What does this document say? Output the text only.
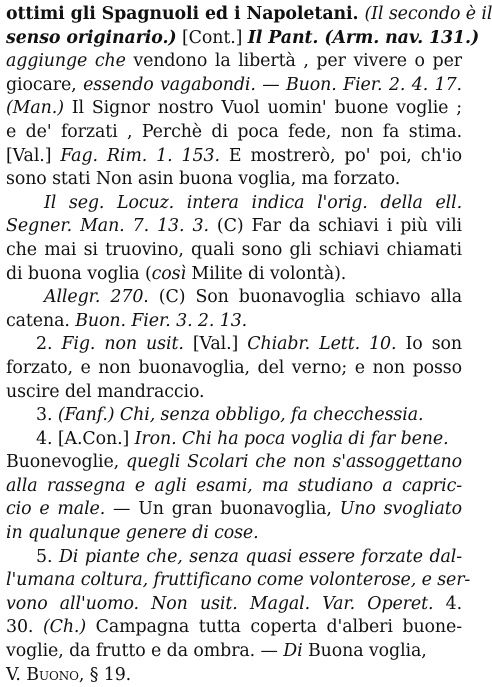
ottimi gli Spagnuoli ed i Napoletani. (Il secondo è il
senso originario.) [Cont.] Il Pant. (Arm. nav. 131.)
aggiunge che vendono la libertà , per vivere o per
giocare, essendo vagabondi. — Buon. Fier. 2. 4. 17.
(Man.) Il Signor nostro Vuol uomin' buone voglie ;
e de' forzati , Perchè di poca fede, non fa stima.
[Val.] Fag. Rim. 1. 153. E mostrerò, po' poi, ch'io
sono stati Non asin buona voglia, ma forzato.
Il seg. Locuz. intera indica l'orig. della ell.
Segner. Man. 7. 13. 3. (C) Far da schiavi i più vili
che mai si truovino, quali sono gli schiavi chiamati
di buona voglia (così Milite di volontà).
Allegr. 270. (C) Son buonavoglia schiavo alla
catena. Buon. Fier. 3. 2. 13.
2. Fig. non usit. [Val.] Chiabr. Lett. 10. Io son
forzato, e non buonavoglia, del verno; e non posso
uscire del mandraccio.
3. (Fanf.) Chi, senza obbligo, fa checchessia.
4. [A.Con.] Iron. Chi ha poca voglia di far bene.
Buonevoglie, quegli Scolari che non s'assoggettano
alla rassegna e agli esami, ma studiano a capric-
cio e male. — Un gran buonavoglia, Uno svogliato
in qualunque genere di cose.
5. Di piante che, senza quasi essere forzate dal-
l'umana coltura, fruttificano come volonterose, e ser-
vono all'uomo. Non usit. Magal. Var. Operet. 4.
30. (Ch.) Campagna tutta coperta d'alberi buone-
voglie, da frutto e da ombra. — Di Buona voglia,
V. Buono, § 19.
